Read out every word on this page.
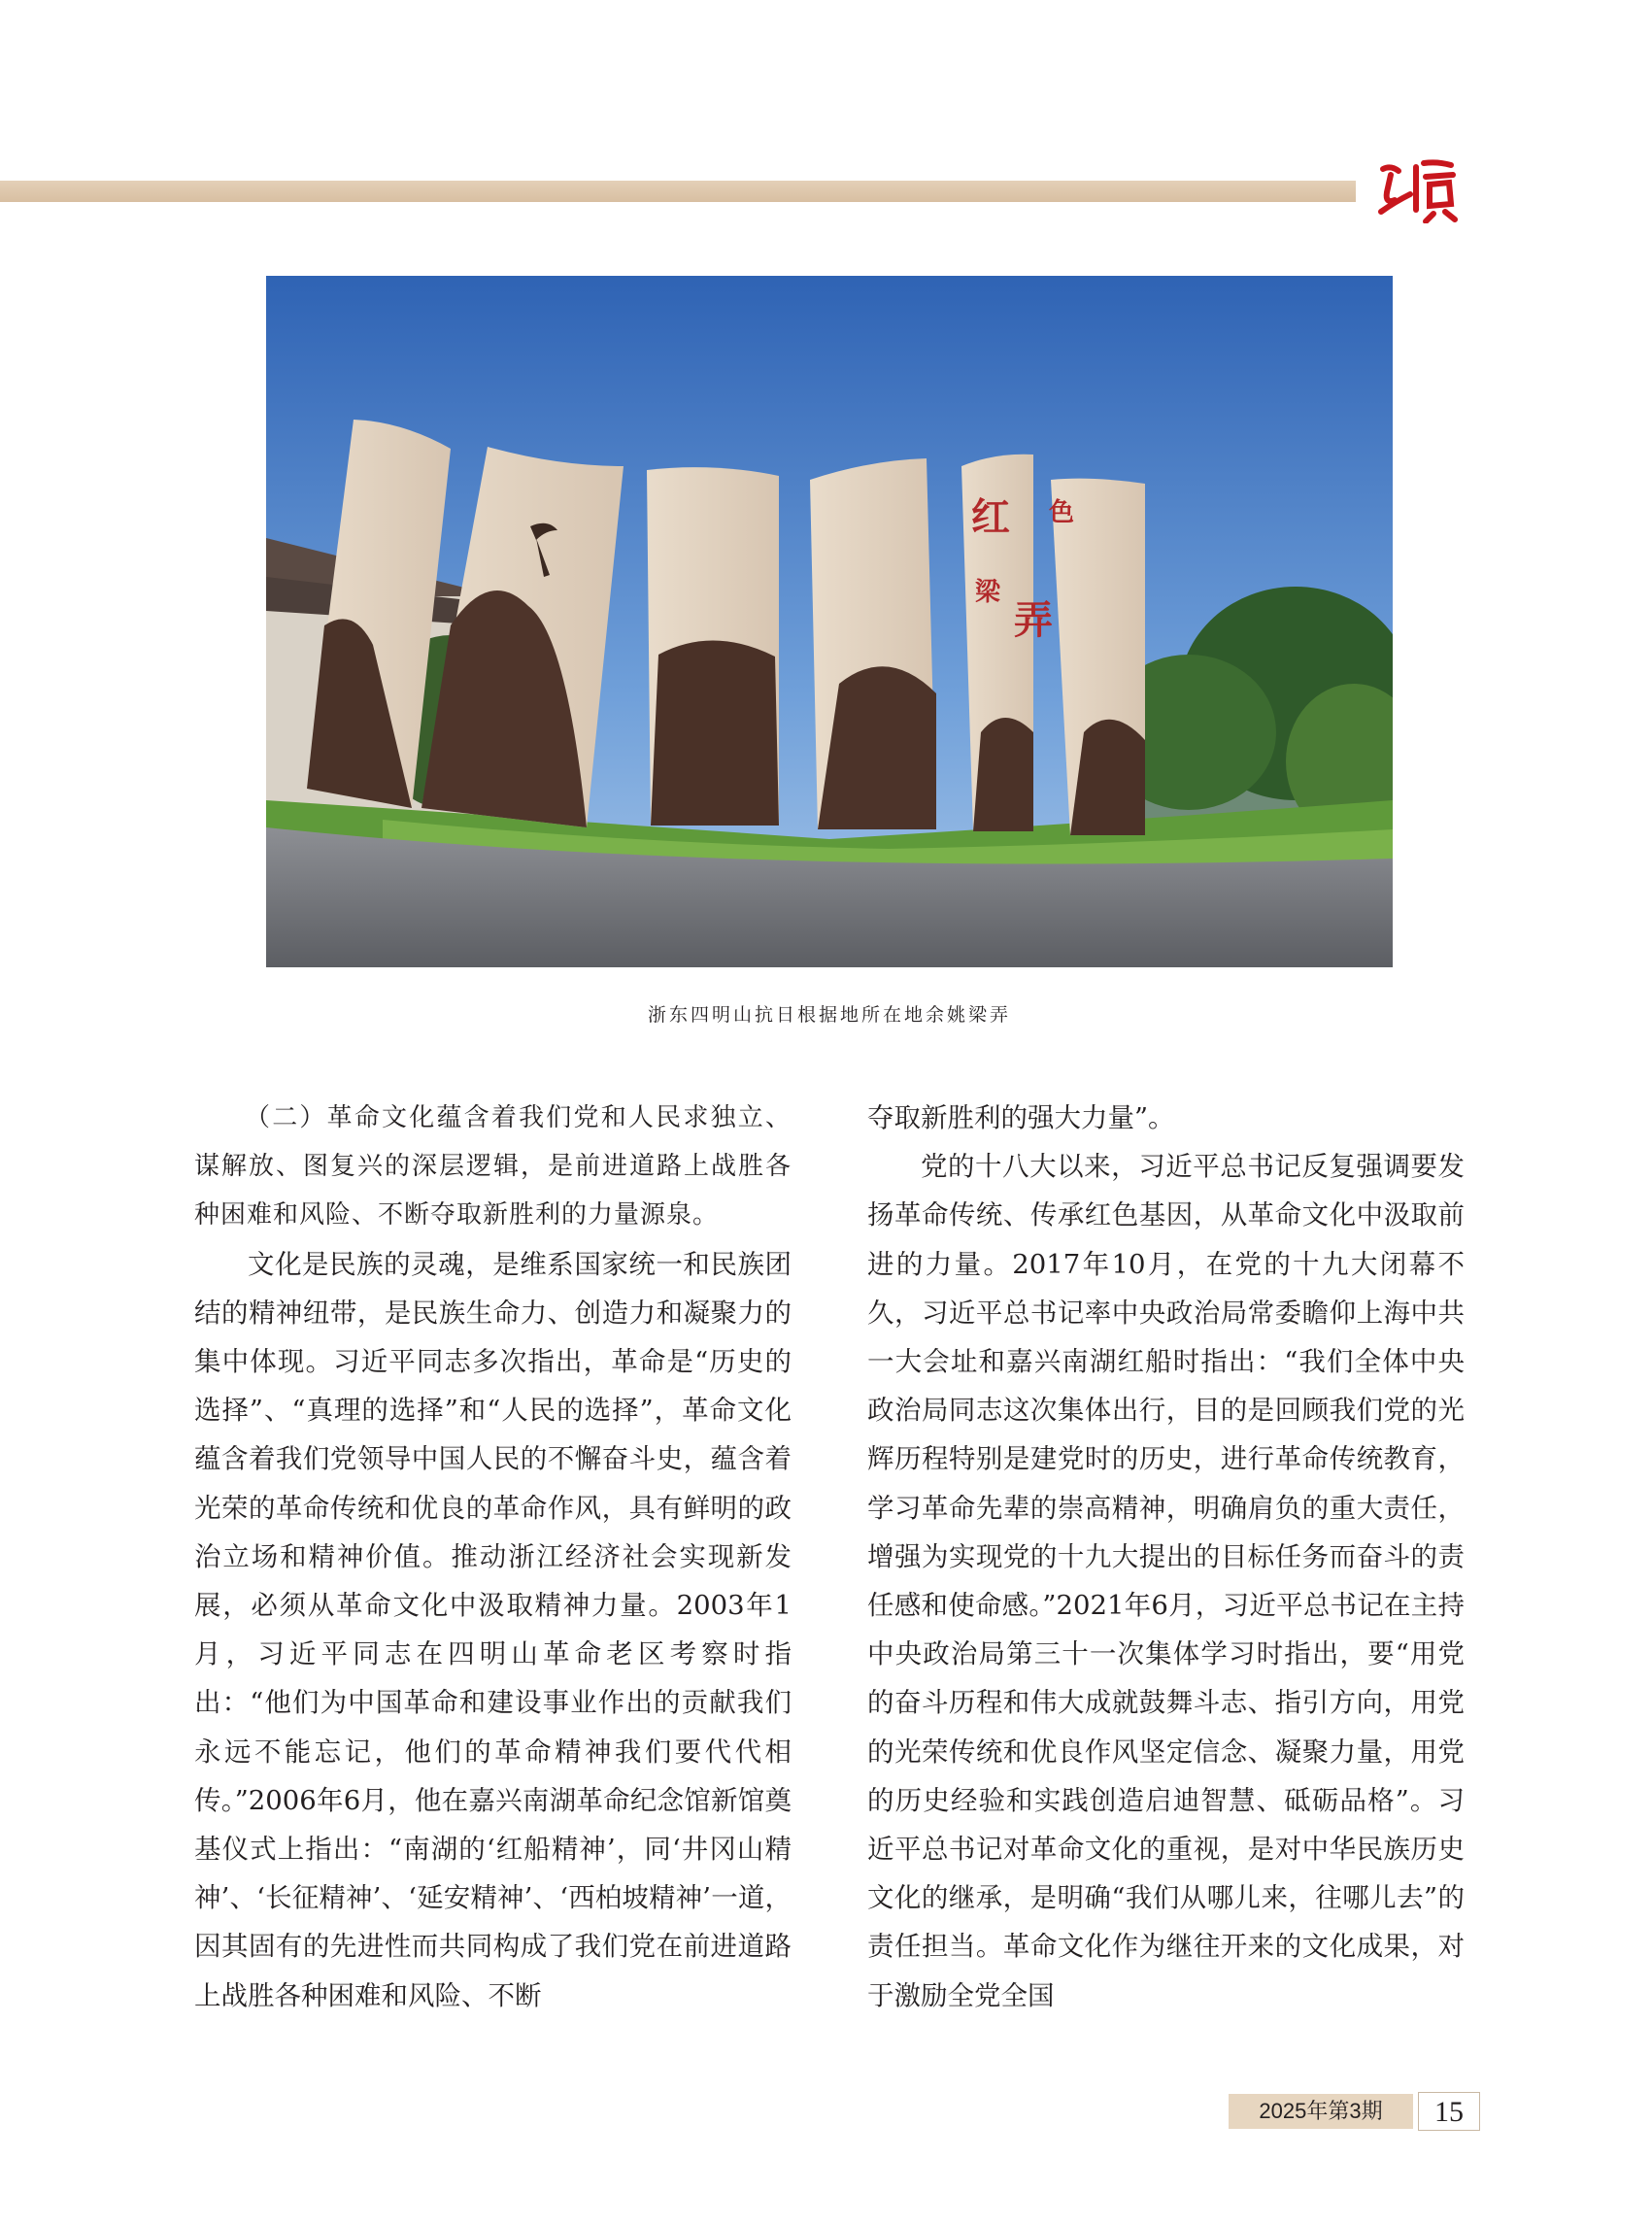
红 色
梁
弄
浙东四明山抗日根据地所在地余姚梁弄

（二）革命文化蕴含着我们党和人民求独立、谋解放、图复兴的深层逻辑，是前进道路上战胜各种困难和风险、不断夺取新胜利的力量源泉。

文化是民族的灵魂，是维系国家统一和民族团结的精神纽带，是民族生命力、创造力和凝聚力的集中体现。习近平同志多次指出，革命是“历史的选择”、“真理的选择”和“人民的选择”，革命文化蕴含着我们党领导中国人民的不懈奋斗史，蕴含着光荣的革命传统和优良的革命作风，具有鲜明的政治立场和精神价值。推动浙江经济社会实现新发展，必须从革命文化中汲取精神力量。2003年1月，习近平同志在四明山革命老区考察时指出：“他们为中国革命和建设事业作出的贡献我们永远不能忘记，他们的革命精神我们要代代相传。”2006年6月，他在嘉兴南湖革命纪念馆新馆奠基仪式上指出：“南湖的‘红船精神’，同‘井冈山精神’、‘长征精神’、‘延安精神’、‘西柏坡精神’一道，因其固有的先进性而共同构成了我们党在前进道路上战胜各种困难和风险、不断

夺取新胜利的强大力量”。

党的十八大以来，习近平总书记反复强调要发扬革命传统、传承红色基因，从革命文化中汲取前进的力量。2017年10月，在党的十九大闭幕不久，习近平总书记率中央政治局常委瞻仰上海中共一大会址和嘉兴南湖红船时指出：“我们全体中央政治局同志这次集体出行，目的是回顾我们党的光辉历程特别是建党时的历史，进行革命传统教育，学习革命先辈的崇高精神，明确肩负的重大责任，增强为实现党的十九大提出的目标任务而奋斗的责任感和使命感。”2021年6月，习近平总书记在主持中央政治局第三十一次集体学习时指出，要“用党的奋斗历程和伟大成就鼓舞斗志、指引方向，用党的光荣传统和优良作风坚定信念、凝聚力量，用党的历史经验和实践创造启迪智慧、砥砺品格”。习近平总书记对革命文化的重视，是对中华民族历史文化的继承，是明确“我们从哪儿来，往哪儿去”的责任担当。革命文化作为继往开来的文化成果，对于激励全党全国

2025年第3期	15
